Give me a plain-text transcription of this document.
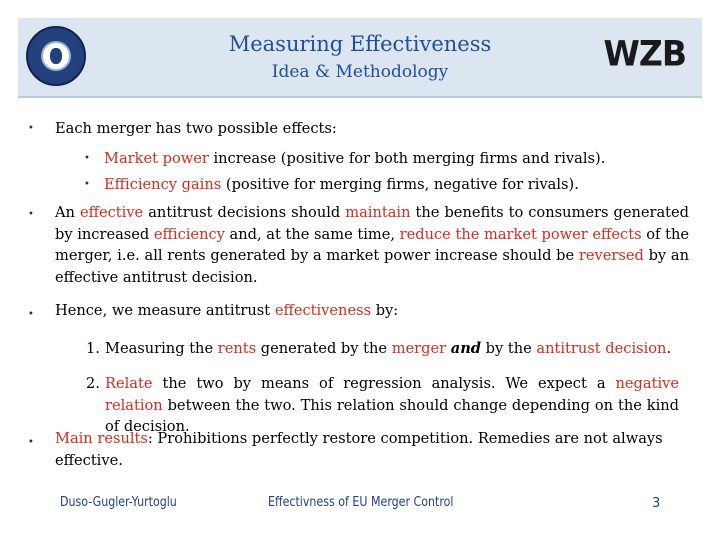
Measuring Effectiveness
Idea & Methodology	WZB
• Each merger has two possible effects:
• Market power increase (positive for both merging firms and rivals).
• Efficiency gains (positive for merging firms, negative for rivals).
• An effective antitrust decisions should maintain the benefits to consumers generated by increased efficiency and, at the same time, reduce the market power effects of the merger, i.e. all rents generated by a market power increase should be reversed by an effective antitrust decision.
• Hence, we measure antitrust effectiveness by:
1. Measuring the rents generated by the merger and by the antitrust decision.
2. Relate the two by means of regression analysis. We expect a negative relation between the two. This relation should change depending on the kind of decision.
• Main results: Prohibitions perfectly restore competition. Remedies are not always effective.
Duso-Gugler-Yurtoglu	Effectivness of EU Merger Control	3
